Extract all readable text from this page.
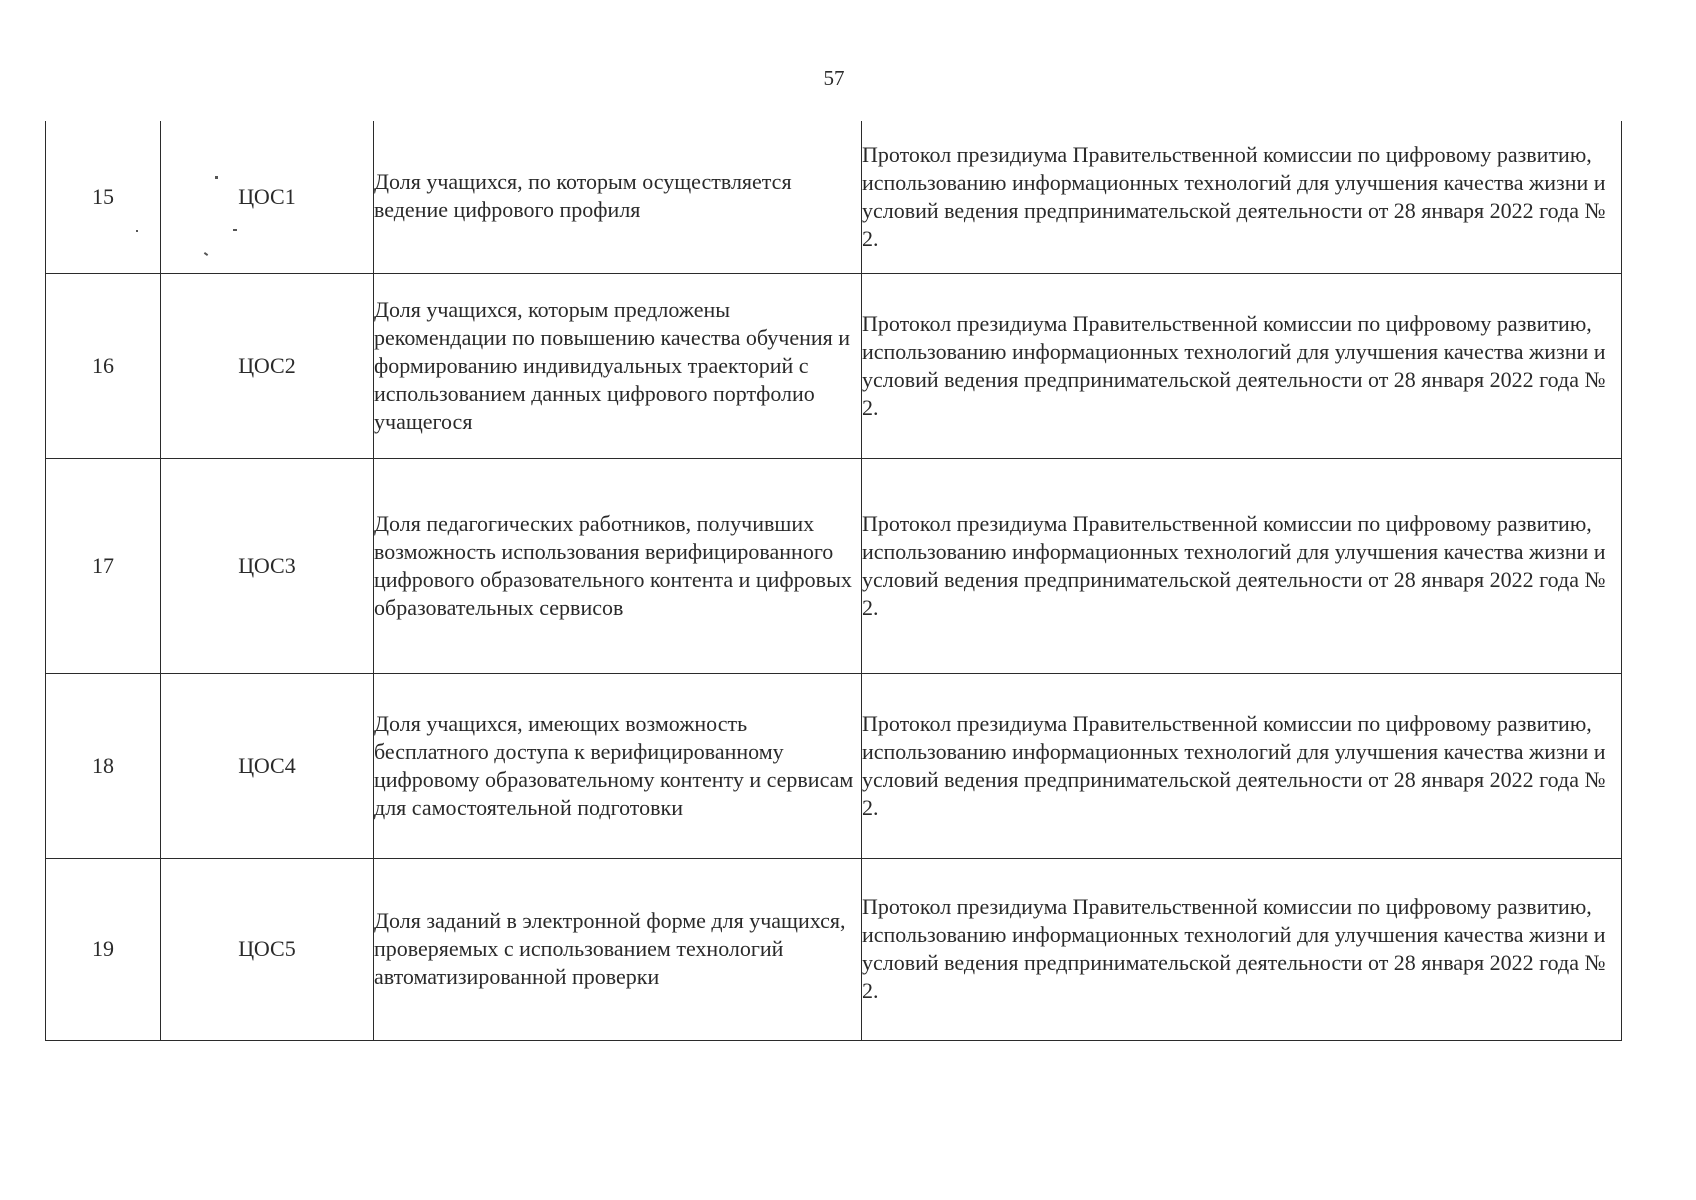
57
15	ЦОС1	Доля учащихся, по которым осуществляется ведение цифрового профиля	Протокол президиума Правительственной комиссии по цифровому развитию, использованию информационных технологий для улучшения качества жизни и условий ведения предпринимательской деятельности от 28 января 2022 года № 2.

16	ЦОС2	Доля учащихся, которым предложены рекомендации по повышению качества обучения и формированию индивидуальных траекторий с использованием данных цифрового портфолио учащегося	Протокол президиума Правительственной комиссии по цифровому развитию, использованию информационных технологий для улучшения качества жизни и условий ведения предпринимательской деятельности от 28 января 2022 года № 2.

17	ЦОС3	Доля педагогических работников, получивших возможность использования верифицированного цифрового образовательного контента и цифровых образовательных сервисов	Протокол президиума Правительственной комиссии по цифровому развитию, использованию информационных технологий для улучшения качества жизни и условий ведения предпринимательской деятельности от 28 января 2022 года № 2.

18	ЦОС4	Доля учащихся, имеющих возможность бесплатного доступа к верифицированному цифровому образовательному контенту и сервисам для самостоятельной подготовки	Протокол президиума Правительственной комиссии по цифровому развитию, использованию информационных технологий для улучшения качества жизни и условий ведения предпринимательской деятельности от 28 января 2022 года № 2.

19	ЦОС5	Доля заданий в электронной форме для учащихся, проверяемых с использованием технологий автоматизированной проверки	Протокол президиума Правительственной комиссии по цифровому развитию, использованию информационных технологий для улучшения качества жизни и условий ведения предпринимательской деятельности от 28 января 2022 года № 2.
